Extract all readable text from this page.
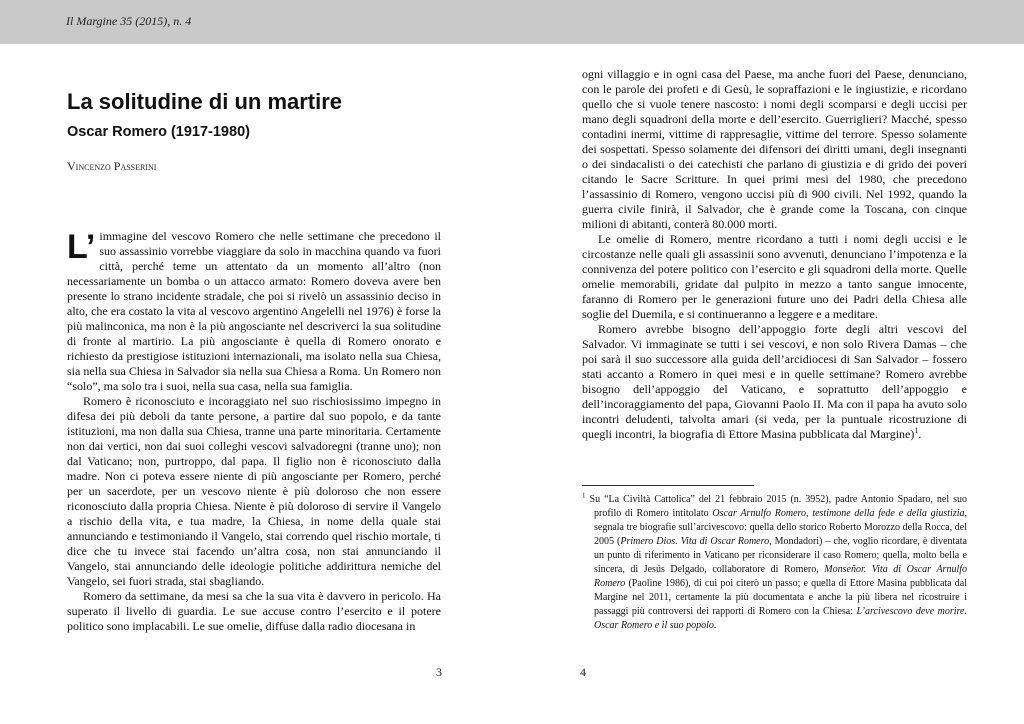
Il Margine 35 (2015), n. 4
La solitudine di un martire
Oscar Romero (1917-1980)
Vincenzo Passerini

L’ immagine del vescovo Romero che nelle settimane che precedono il suo assassinio vorrebbe viaggiare da solo in macchina quando va fuori città, perché teme un attentato da un momento all’altro (non necessariamente un bomba o un attacco armato: Romero doveva avere ben presente lo strano incidente stradale, che poi si rivelò un assassinio deciso in alto, che era costato la vita al vescovo argentino Angelelli nel 1976) è forse la più malinconica, ma non è la più angosciante nel descriverci la sua solitudine di fronte al martirio. La più angosciante è quella di Romero onorato e richiesto da prestigiose istituzioni internazionali, ma isolato nella sua Chiesa, sia nella sua Chiesa in Salvador sia nella sua Chiesa a Roma. Un Romero non “solo”, ma solo tra i suoi, nella sua casa, nella sua famiglia.

Romero è riconosciuto e incoraggiato nel suo rischiosissimo impegno in difesa dei più deboli da tante persone, a partire dal suo popolo, e da tante istituzioni, ma non dalla sua Chiesa, tranne una parte minoritaria. Certamente non dai vertici, non dai suoi colleghi vescovi salvadoregni (tranne uno); non dal Vaticano; non, purtroppo, dal papa. Il figlio non è riconosciuto dalla madre. Non ci poteva essere niente di più angosciante per Romero, perché per un sacerdote, per un vescovo niente è più doloroso che non essere riconosciuto dalla propria Chiesa. Niente è più doloroso di servire il Vangelo a rischio della vita, e tua madre, la Chiesa, in nome della quale stai annunciando e testimoniando il Vangelo, stai correndo quel rischio mortale, ti dice che tu invece stai facendo un’altra cosa, non stai annunciando il Vangelo, stai annunciando delle ideologie politiche addirittura nemiche del Vangelo, sei fuori strada, stai sbagliando.

Romero da settimane, da mesi sa che la sua vita è davvero in pericolo. Ha superato il livello di guardia. Le sue accuse contro l’esercito e il potere politico sono implacabili. Le sue omelie, diffuse dalla radio diocesana in

3

ogni villaggio e in ogni casa del Paese, ma anche fuori del Paese, denunciano, con le parole dei profeti e di Gesù, le sopraffazioni e le ingiustizie, e ricordano quello che si vuole tenere nascosto: i nomi degli scomparsi e degli uccisi per mano degli squadroni della morte e dell’esercito. Guerriglieri? Macché, spesso contadini inermi, vittime di rappresaglie, vittime del terrore. Spesso solamente dei sospettati. Spesso solamente dei difensori dei diritti umani, degli insegnanti o dei sindacalisti o dei catechisti che parlano di giustizia e di grido dei poveri citando le Sacre Scritture. In quei primi mesi del 1980, che precedono l’assassinio di Romero, vengono uccisi più di 900 civili. Nel 1992, quando la guerra civile finirà, il Salvador, che è grande come la Toscana, con cinque milioni di abitanti, conterà 80.000 morti.

Le omelie di Romero, mentre ricordano a tutti i nomi degli uccisi e le circostanze nelle quali gli assassinii sono avvenuti, denunciano l’impotenza e la connivenza del potere politico con l’esercito e gli squadroni della morte. Quelle omelie memorabili, gridate dal pulpito in mezzo a tanto sangue innocente, faranno di Romero per le generazioni future uno dei Padri della Chiesa alle soglie del Duemila, e si continueranno a leggere e a meditare.

Romero avrebbe bisogno dell’appoggio forte degli altri vescovi del Salvador. Vi immaginate se tutti i sei vescovi, e non solo Rivera Damas – che poi sarà il suo successore alla guida dell’arcidiocesi di San Salvador – fossero stati accanto a Romero in quei mesi e in quelle settimane? Romero avrebbe bisogno dell’appoggio del Vaticano, e soprattutto dell’appoggio e dell’incoraggiamento del papa, Giovanni Paolo II. Ma con il papa ha avuto solo incontri deludenti, talvolta amari (si veda, per la puntuale ricostruzione di quegli incontri, la biografia di Ettore Masina pubblicata dal Margine)$^1$.

$^1$ Su “La Civiltà Cattolica” del 21 febbraio 2015 (n. 3952), padre Antonio Spadaro, nel suo profilo di Romero intitolato Oscar Arnulfo Romero, testimone della fede e della giustizia, segnala tre biografie sull’arcivescovo: quella dello storico Roberto Morozzo della Rocca, del 2005 (Primero Dios. Vita di Oscar Romero, Mondadori) – che, voglio ricordare, è diventata un punto di riferimento in Vaticano per riconsiderare il caso Romero; quella, molto bella e sincera, di Jesús Delgado, collaboratore di Romero, Monseñor. Vita di Oscar Arnulfo Romero (Paoline 1986), di cui poi citerò un passo; e quella di Ettore Masina pubblicata dal Margine nel 2011, certamente la più documentata e anche la più libera nel ricostruire i passaggi più controversi dei rapporti di Romero con la Chiesa: L’arcivescovo deve morire. Oscar Romero e il suo popolo.

4
